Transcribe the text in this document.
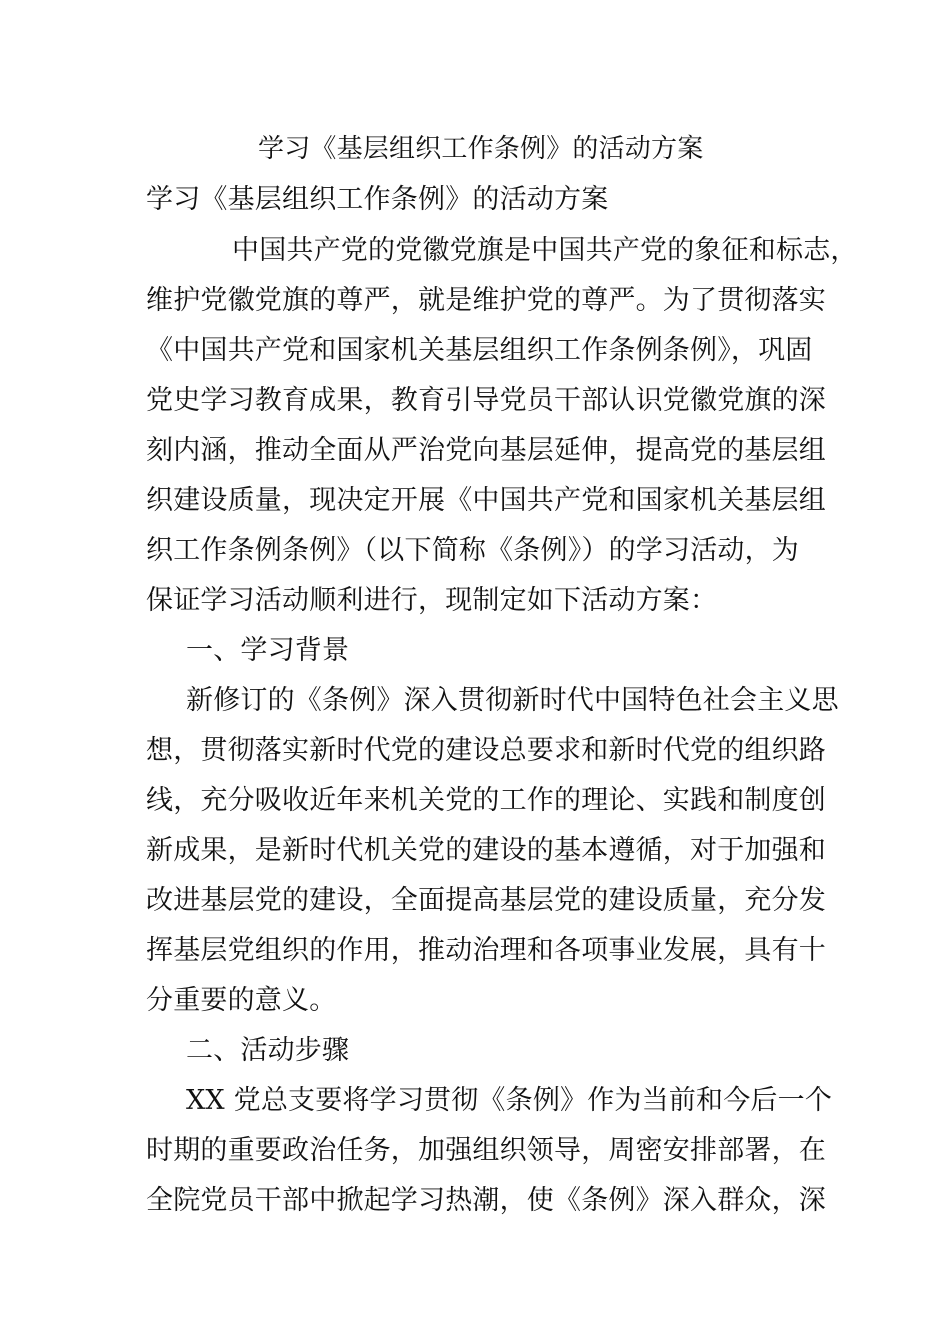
学习《基层组织工作条例》的活动方案
学习《基层组织工作条例》的活动方案
中国共产党的党徽党旗是中国共产党的象征和标志，
维护党徽党旗的尊严，就是维护党的尊严。为了贯彻落实
《中国共产党和国家机关基层组织工作条例条例》，巩固
党史学习教育成果，教育引导党员干部认识党徽党旗的深
刻内涵，推动全面从严治党向基层延伸，提高党的基层组
织建设质量，现决定开展《中国共产党和国家机关基层组
织工作条例条例》（以下简称《条例》）的学习活动，为
保证学习活动顺利进行，现制定如下活动方案：
一、学习背景
新修订的《条例》深入贯彻新时代中国特色社会主义思
想，贯彻落实新时代党的建设总要求和新时代党的组织路
线，充分吸收近年来机关党的工作的理论、实践和制度创
新成果，是新时代机关党的建设的基本遵循，对于加强和
改进基层党的建设，全面提高基层党的建设质量，充分发
挥基层党组织的作用，推动治理和各项事业发展，具有十
分重要的意义。
二、活动步骤
XX 党总支要将学习贯彻《条例》作为当前和今后一个
时期的重要政治任务，加强组织领导，周密安排部署，在
全院党员干部中掀起学习热潮，使《条例》深入群众，深
